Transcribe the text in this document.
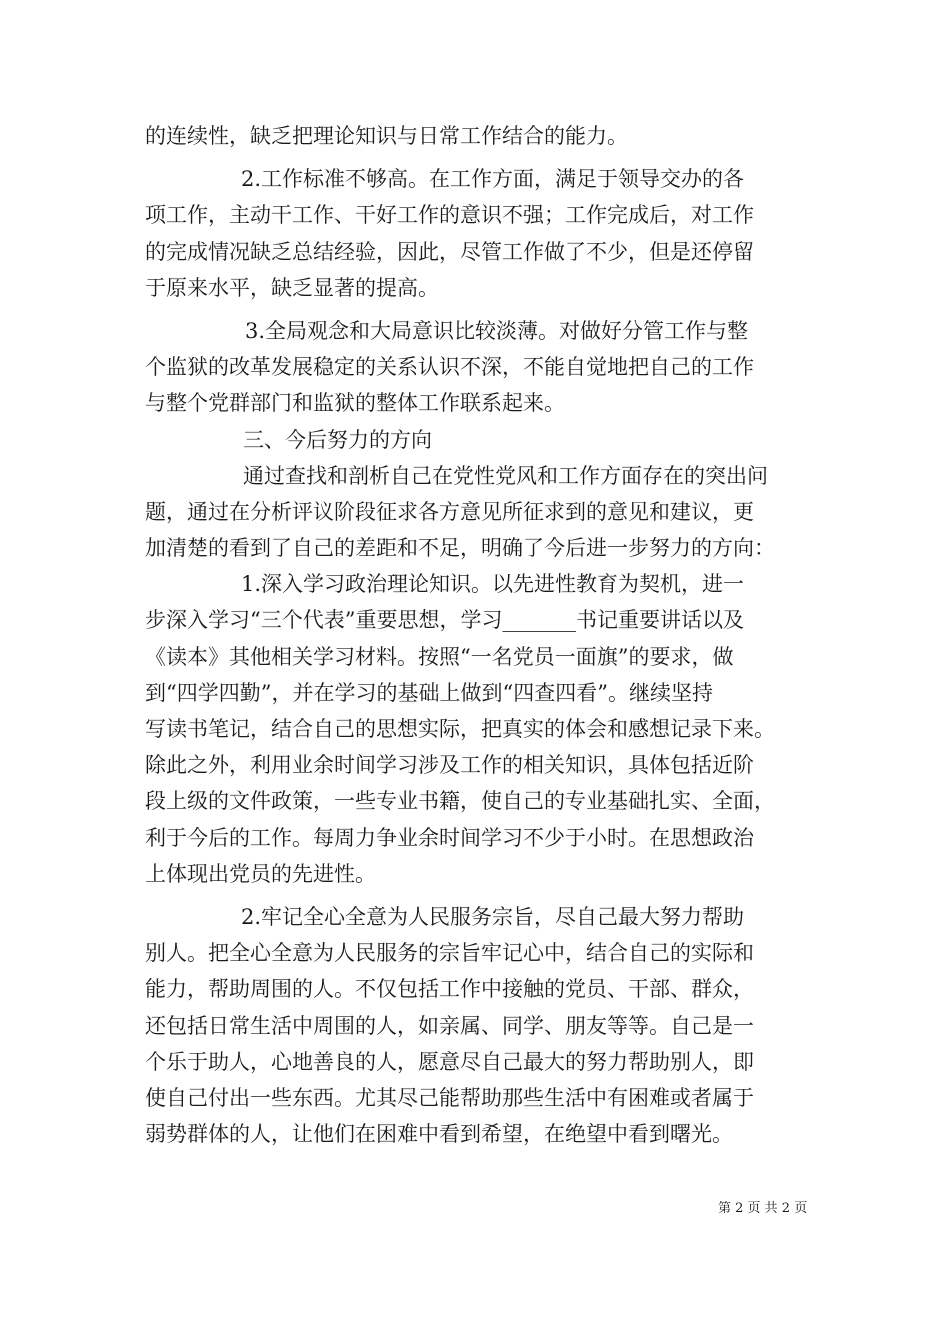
的连续性，缺乏把理论知识与日常工作结合的能力。
2.工作标准不够高。在工作方面，满足于领导交办的各
项工作，主动干工作、干好工作的意识不强；工作完成后，对工作
的完成情况缺乏总结经验，因此，尽管工作做了不少，但是还停留
于原来水平，缺乏显著的提高。
3.全局观念和大局意识比较淡薄。对做好分管工作与整
个监狱的改革发展稳定的关系认识不深，不能自觉地把自己的工作
与整个党群部门和监狱的整体工作联系起来。
三、今后努力的方向
通过查找和剖析自己在党性党风和工作方面存在的突出问
题，通过在分析评议阶段征求各方意见所征求到的意见和建议，更
加清楚的看到了自己的差距和不足，明确了今后进一步努力的方向：
1.深入学习政治理论知识。以先进性教育为契机，进一
步深入学习“三个代表”重要思想，学习_______书记重要讲话以及
《读本》其他相关学习材料。按照“一名党员一面旗”的要求，做
到“四学四勤”，并在学习的基础上做到“四查四看”。继续坚持
写读书笔记，结合自己的思想实际，把真实的体会和感想记录下来。
除此之外，利用业余时间学习涉及工作的相关知识，具体包括近阶
段上级的文件政策，一些专业书籍，使自己的专业基础扎实、全面，
利于今后的工作。每周力争业余时间学习不少于小时。在思想政治
上体现出党员的先进性。
2.牢记全心全意为人民服务宗旨，尽自己最大努力帮助
别人。把全心全意为人民服务的宗旨牢记心中，结合自己的实际和
能力，帮助周围的人。不仅包括工作中接触的党员、干部、群众，
还包括日常生活中周围的人，如亲属、同学、朋友等等。自己是一
个乐于助人，心地善良的人，愿意尽自己最大的努力帮助别人，即
使自己付出一些东西。尤其尽己能帮助那些生活中有困难或者属于
弱势群体的人，让他们在困难中看到希望，在绝望中看到曙光。
第 2 页 共 2 页
